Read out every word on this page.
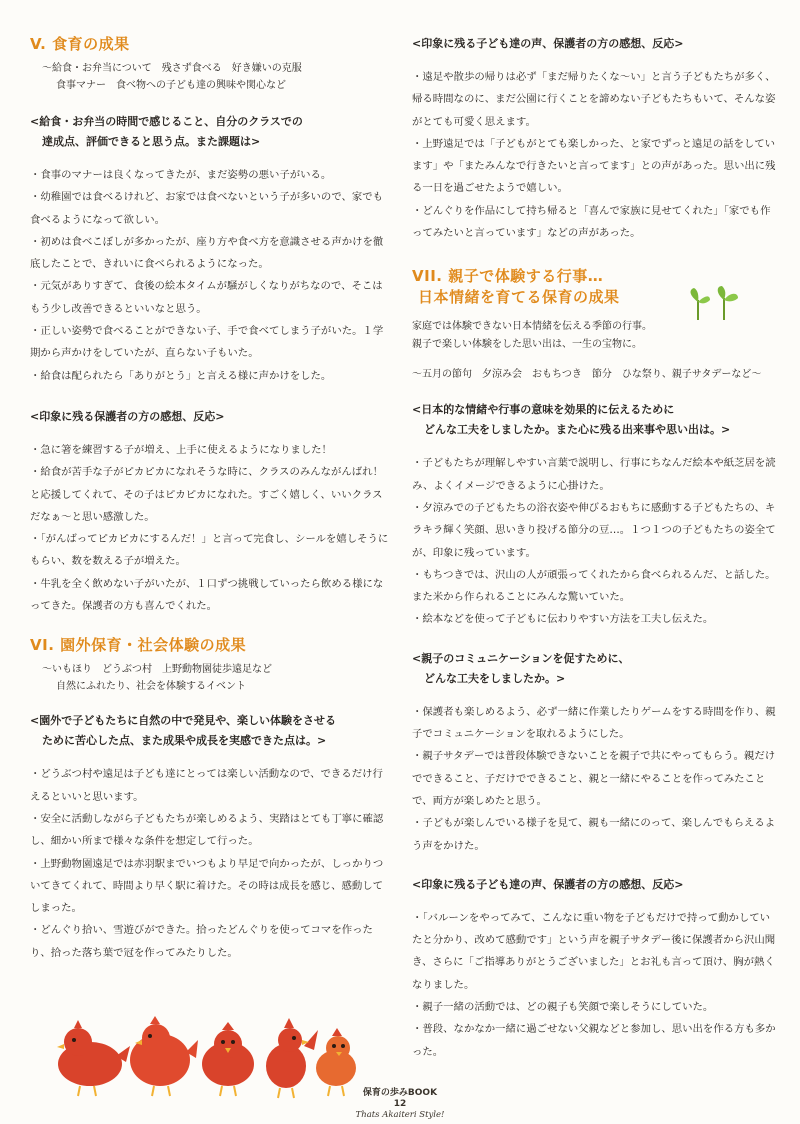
V. 食育の成果
〜給食・お弁当について　残さず食べる　好き嫌いの克服
食事マナー　食べ物への子ども達の興味や関心など
<給食・お弁当の時間で感じること、自分のクラスでの
達成点、評価できると思う点。また課題は>
・食事のマナーは良くなってきたが、まだ姿勢の悪い子がいる。
・幼稚園では食べるけれど、お家では食べないという子が多いので、家でも食べるようになって欲しい。
・初めは食べこぼしが多かったが、座り方や食べ方を意識させる声かけを徹底したことで、きれいに食べられるようになった。
・元気がありすぎて、食後の絵本タイムが騒がしくなりがちなので、そこはもう少し改善できるといいなと思う。
・正しい姿勢で食べることができない子、手で食べてしまう子がいた。１学期から声かけをしていたが、直らない子もいた。
・給食は配られたら「ありがとう」と言える様に声かけをした。
<印象に残る保護者の方の感想、反応>
・急に箸を練習する子が増え、上手に使えるようになりました！
・給食が苦手な子がピカピカになれそうな時に、クラスのみんながんばれ！と応援してくれて、その子はピカピカになれた。すごく嬉しく、いいクラスだなぁ〜と思い感激した。
・「がんばってピカピカにするんだ！」と言って完食し、シールを嬉しそうにもらい、数を数える子が増えた。
・牛乳を全く飲めない子がいたが、１口ずつ挑戦していったら飲める様になってきた。保護者の方も喜んでくれた。
VI. 園外保育・社会体験の成果
〜いもほり　どうぶつ村　上野動物園徒歩遠足など
自然にふれたり、社会を体験するイベント
<園外で子どもたちに自然の中で発見や、楽しい体験をさせる
ために苦心した点、また成果や成長を実感できた点は。>
・どうぶつ村や遠足は子ども達にとっては楽しい活動なので、できるだけ行えるといいと思います。
・安全に活動しながら子どもたちが楽しめるよう、実踏はとても丁寧に確認し、細かい所まで様々な条件を想定して行った。
・上野動物園遠足では赤羽駅までいつもより早足で向かったが、しっかりついてきてくれて、時間より早く駅に着けた。その時は成長を感じ、感動してしまった。
・どんぐり拾い、雪遊びができた。拾ったどんぐりを使ってコマを作ったり、拾った落ち葉で冠を作ってみたりした。
<印象に残る子ども達の声、保護者の方の感想、反応>
・遠足や散歩の帰りは必ず「まだ帰りたくな〜い」と言う子どもたちが多く、帰る時間なのに、まだ公園に行くことを諦めない子どもたちもいて、そんな姿がとても可愛く思えます。
・上野遠足では「子どもがとても楽しかった、と家でずっと遠足の話をしています」や「またみんなで行きたいと言ってます」との声があった。思い出に残る一日を過ごせたようで嬉しい。
・どんぐりを作品にして持ち帰ると「喜んで家族に見せてくれた」「家でも作ってみたいと言っています」などの声があった。
VII. 親子で体験する行事…
日本情緒を育てる保育の成果
家庭では体験できない日本情緒を伝える季節の行事。
親子で楽しい体験をした思い出は、一生の宝物に。
〜五月の節句　夕涼み会　おもちつき　節分　ひな祭り、親子サタデーなど〜
<日本的な情緒や行事の意味を効果的に伝えるために
どんな工夫をしましたか。また心に残る出来事や思い出は。>
・子どもたちが理解しやすい言葉で説明し、行事にちなんだ絵本や紙芝居を読み、よくイメージできるように心掛けた。
・夕涼みでの子どもたちの浴衣姿や伸びるおもちに感動する子どもたちの、キラキラ輝く笑顔、思いきり投げる節分の豆…。１つ１つの子どもたちの姿全てが、印象に残っています。
・もちつきでは、沢山の人が頑張ってくれたから食べられるんだ、と話した。また米から作られることにみんな驚いていた。
・絵本などを使って子どもに伝わりやすい方法を工夫し伝えた。
<親子のコミュニケーションを促すために、
どんな工夫をしましたか。>
・保護者も楽しめるよう、必ず一緒に作業したりゲームをする時間を作り、親子でコミュニケーションを取れるようにした。
・親子サタデーでは普段体験できないことを親子で共にやってもらう。親だけでできること、子だけでできること、親と一緒にやることを作ってみたことで、両方が楽しめたと思う。
・子どもが楽しんでいる様子を見て、親も一緒にのって、楽しんでもらえるよう声をかけた。
<印象に残る子ども達の声、保護者の方の感想、反応>
・「バルーンをやってみて、こんなに重い物を子どもだけで持って動かしていたと分かり、改めて感動です」という声を親子サタデー後に保護者から沢山聞き、さらに「ご指導ありがとうございました」とお礼も言って頂け、胸が熱くなりました。
・親子一緒の活動では、どの親子も笑顔で楽しそうにしていた。
・普段、なかなか一緒に過ごせない父親などと参加し、思い出を作る方も多かった。
保育の歩みBOOK
12
Thats Akaiteri Style!
